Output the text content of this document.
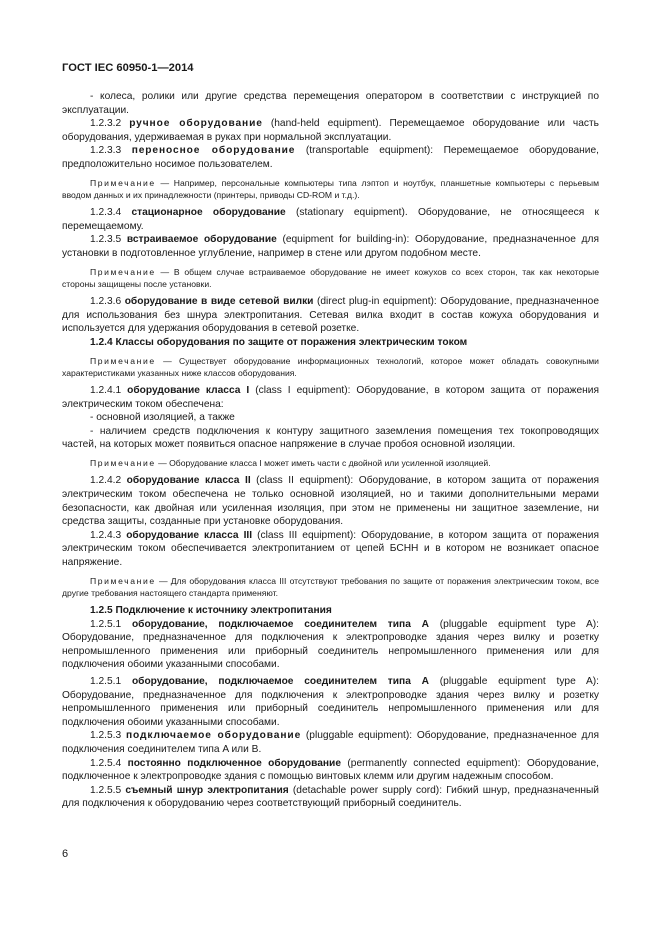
ГОСТ IEC 60950-1—2014

- колеса, ролики или другие средства перемещения оператором в соответствии с инструкцией по эксплуатации.

1.2.3.2 ручное оборудование (hand-held equipment). Перемещаемое оборудование или часть оборудования, удерживаемая в руках при нормальной эксплуатации.

1.2.3.3 переносное оборудование (transportable equipment): Перемещаемое оборудование, предположительно носимое пользователем.

Примечание — Например, персональные компьютеры типа лэптоп и ноутбук, планшетные компьютеры с перьевым вводом данных и их принадлежности (принтеры, приводы CD-ROM и т.д.).

1.2.3.4 стационарное оборудование (stationary equipment). Оборудование, не относящееся к перемещаемому.

1.2.3.5 встраиваемое оборудование (equipment for building-in): Оборудование, предназначенное для установки в подготовленное углубление, например в стене или другом подобном месте.

Примечание — В общем случае встраиваемое оборудование не имеет кожухов со всех сторон, так как некоторые стороны защищены после установки.

1.2.3.6 оборудование в виде сетевой вилки (direct plug-in equipment): Оборудование, предназначенное для использования без шнура электропитания. Сетевая вилка входит в состав кожуха оборудования и используется для удержания оборудования в сетевой розетке.

1.2.4 Классы оборудования по защите от поражения электрическим током

Примечание — Существует оборудование информационных технологий, которое может обладать совокупными характеристиками указанных ниже классов оборудования.

1.2.4.1 оборудование класса I (class I equipment): Оборудование, в котором защита от поражения электрическим током обеспечена:

- основной изоляцией, а также

- наличием средств подключения к контуру защитного заземления помещения тех токопроводящих частей, на которых может появиться опасное напряжение в случае пробоя основной изоляции.

Примечание — Оборудование класса I может иметь части с двойной или усиленной изоляцией.

1.2.4.2 оборудование класса II (class II equipment): Оборудование, в котором защита от поражения электрическим током обеспечена не только основной изоляцией, но и такими дополнительными мерами безопасности, как двойная или усиленная изоляция, при этом не применены ни защитное заземление, ни средства защиты, созданные при установке оборудования.

1.2.4.3 оборудование класса III (class III equipment): Оборудование, в котором защита от поражения электрическим током обеспечивается электропитанием от цепей БСНН и в котором не возникает опасное напряжение.

Примечание — Для оборудования класса III отсутствуют требования по защите от поражения электрическим током, все другие требования настоящего стандарта применяют.

1.2.5 Подключение к источнику электропитания

1.2.5.1 оборудование, подключаемое соединителем типа A (pluggable equipment type A): Оборудование, предназначенное для подключения к электропроводке здания через вилку и розетку непромышленного применения или приборный соединитель непромышленного применения или для подключения обоими указанными способами.

1.2.5.1 оборудование, подключаемое соединителем типа A (pluggable equipment type A): Оборудование, предназначенное для подключения к электропроводке здания через вилку и розетку непромышленного применения или приборный соединитель непромышленного применения или для подключения обоими указанными способами.

1.2.5.3 подключаемое оборудование (pluggable equipment): Оборудование, предназначенное для подключения соединителем типа A или B.

1.2.5.4 постоянно подключенное оборудование (permanently connected equipment): Оборудование, подключенное к электропроводке здания с помощью винтовых клемм или другим надежным способом.

1.2.5.5 съемный шнур электропитания (detachable power supply cord): Гибкий шнур, предназначенный для подключения к оборудованию через соответствующий приборный соединитель.

6
